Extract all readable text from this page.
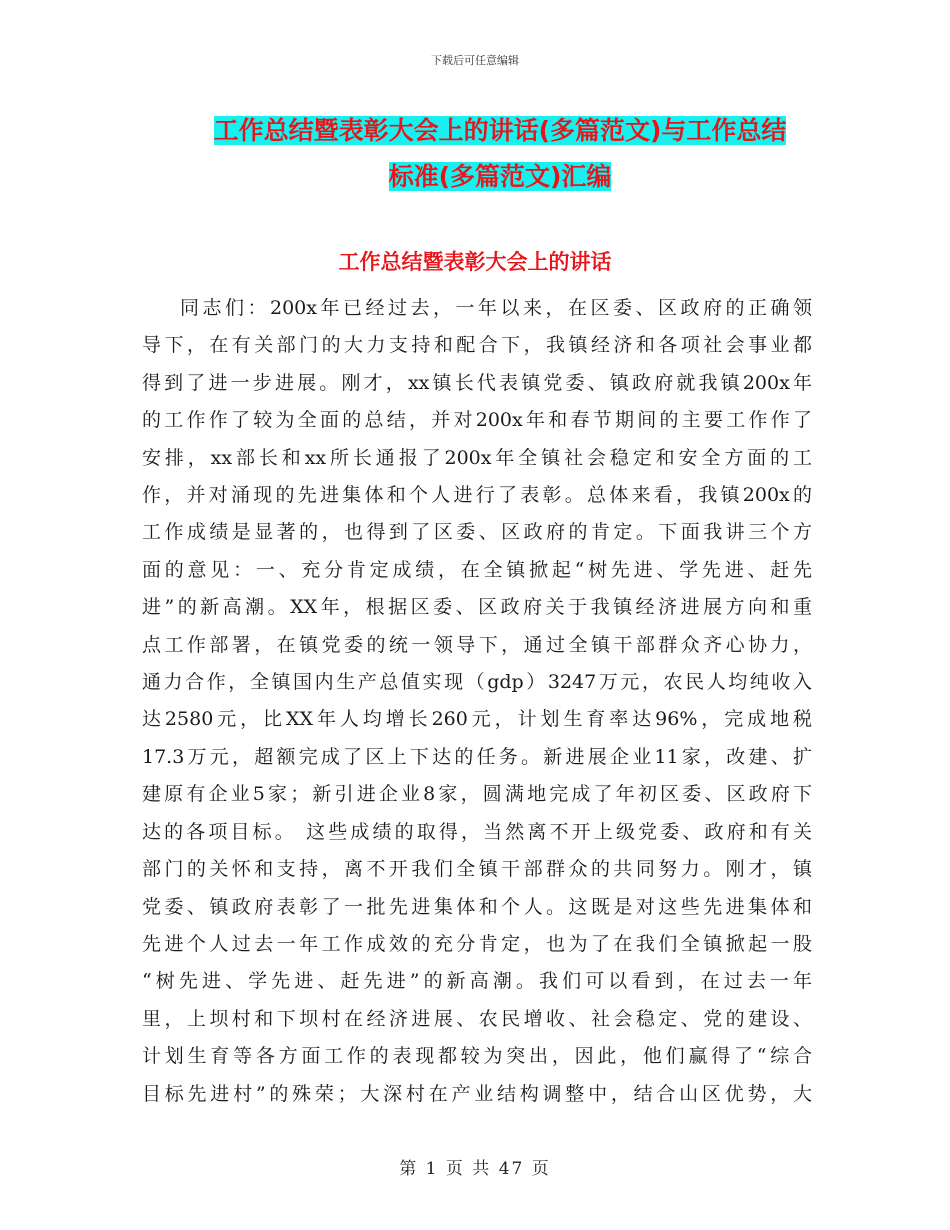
下载后可任意编辑
工作总结暨表彰大会上的讲话(多篇范文)与工作总结
标准(多篇范文)汇编
工作总结暨表彰大会上的讲话
同志们：200x年已经过去，一年以来，在区委、区政府的正确领
导下，在有关部门的大力支持和配合下，我镇经济和各项社会事业都
得到了进一步进展。刚才，xx镇长代表镇党委、镇政府就我镇200x年
的工作作了较为全面的总结，并对200x年和春节期间的主要工作作了
安排，xx部长和xx所长通报了200x年全镇社会稳定和安全方面的工
作，并对涌现的先进集体和个人进行了表彰。总体来看，我镇200x的
工作成绩是显著的，也得到了区委、区政府的肯定。下面我讲三个方
面的意见：一、充分肯定成绩，在全镇掀起“树先进、学先进、赶先
进”的新高潮。XX年，根据区委、区政府关于我镇经济进展方向和重
点工作部署，在镇党委的统一领导下，通过全镇干部群众齐心协力，
通力合作，全镇国内生产总值实现（gdp）3247万元，农民人均纯收入
达2580元，比XX年人均增长260元，计划生育率达96%，完成地税
17.3万元，超额完成了区上下达的任务。新进展企业11家，改建、扩
建原有企业5家；新引进企业8家，圆满地完成了年初区委、区政府下
达的各项目标。 这些成绩的取得，当然离不开上级党委、政府和有关
部门的关怀和支持，离不开我们全镇干部群众的共同努力。刚才，镇
党委、镇政府表彰了一批先进集体和个人。这既是对这些先进集体和
先进个人过去一年工作成效的充分肯定，也为了在我们全镇掀起一股
“树先进、学先进、赶先进”的新高潮。我们可以看到，在过去一年
里，上坝村和下坝村在经济进展、农民增收、社会稳定、党的建设、
计划生育等各方面工作的表现都较为突出，因此，他们赢得了“综合
目标先进村”的殊荣；大深村在产业结构调整中，结合山区优势，大
第 1 页 共 47 页
